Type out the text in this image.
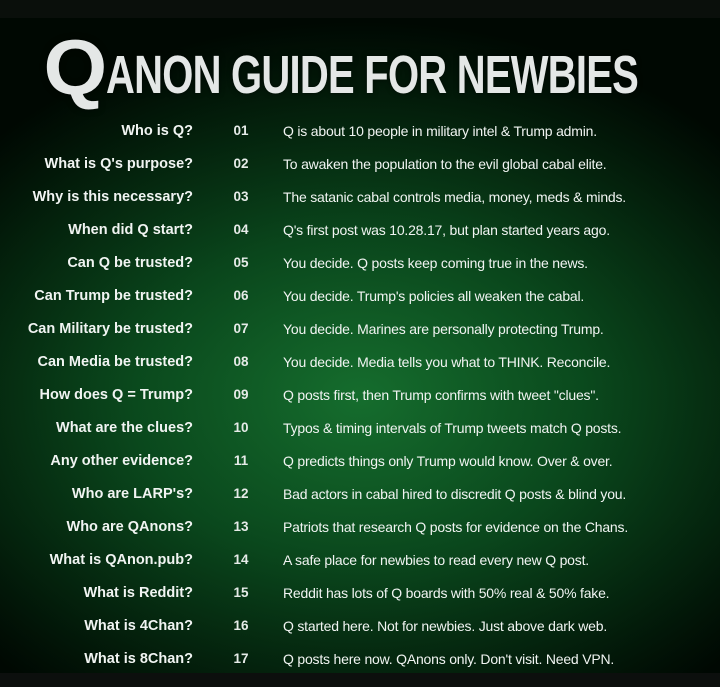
Q ANON GUIDE FOR NEWBIES
Who is Q?	01	Q is about 10 people in military intel & Trump admin.
What is Q's purpose?	02	To awaken the population to the evil global cabal elite.
Why is this necessary?	03	The satanic cabal controls media, money, meds & minds.
When did Q start?	04	Q's first post was 10.28.17, but plan started years ago.
Can Q be trusted?	05	You decide. Q posts keep coming true in the news.
Can Trump be trusted?	06	You decide. Trump's policies all weaken the cabal.
Can Military be trusted?	07	You decide. Marines are personally protecting Trump.
Can Media be trusted?	08	You decide. Media tells you what to THINK. Reconcile.
How does Q = Trump?	09	Q posts first, then Trump confirms with tweet "clues".
What are the clues?	10	Typos & timing intervals of Trump tweets match Q posts.
Any other evidence?	11	Q predicts things only Trump would know. Over & over.
Who are LARP's?	12	Bad actors in cabal hired to discredit Q posts & blind you.
Who are QAnons?	13	Patriots that research Q posts for evidence on the Chans.
What is QAnon.pub?	14	A safe place for newbies to read every new Q post.
What is Reddit?	15	Reddit has lots of Q boards with 50% real & 50% fake.
What is 4Chan?	16	Q started here. Not for newbies. Just above dark web.
What is 8Chan?	17	Q posts here now. QAnons only. Don't visit. Need VPN.
